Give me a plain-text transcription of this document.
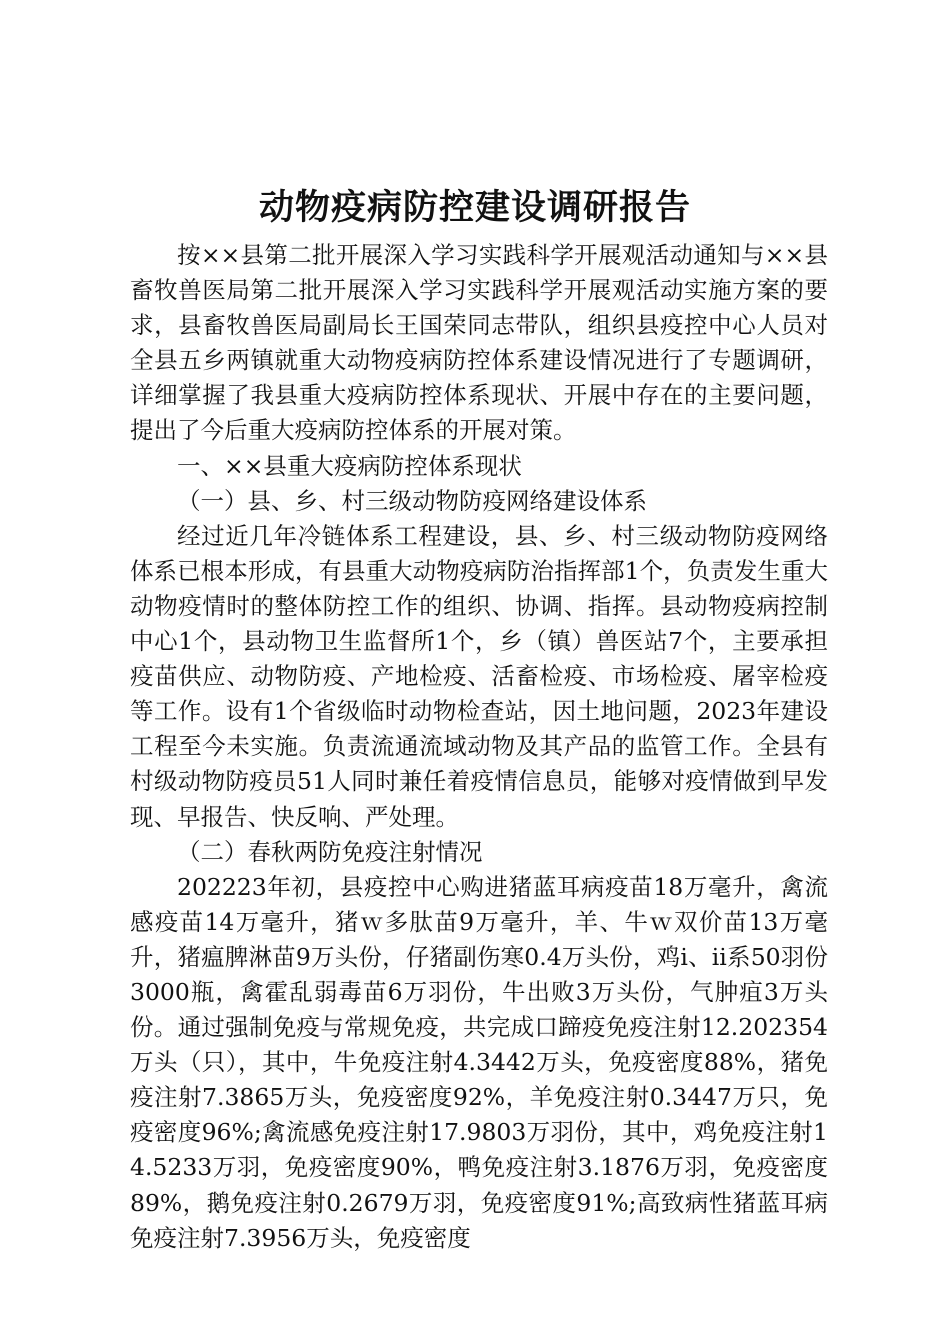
动物疫病防控建设调研报告

按××县第二批开展深入学习实践科学开展观活动通知与××县畜牧兽医局第二批开展深入学习实践科学开展观活动实施方案的要求，县畜牧兽医局副局长王国荣同志带队，组织县疫控中心人员对全县五乡两镇就重大动物疫病防控体系建设情况进行了专题调研，详细掌握了我县重大疫病防控体系现状、开展中存在的主要问题，提出了今后重大疫病防控体系的开展对策。

一、××县重大疫病防控体系现状

（一）县、乡、村三级动物防疫网络建设体系

经过近几年冷链体系工程建设，县、乡、村三级动物防疫网络体系已根本形成，有县重大动物疫病防治指挥部1个，负责发生重大动物疫情时的整体防控工作的组织、协调、指挥。县动物疫病控制中心1个，县动物卫生监督所1个，乡（镇）兽医站7个，主要承担疫苗供应、动物防疫、产地检疫、活畜检疫、市场检疫、屠宰检疫等工作。设有1个省级临时动物检查站，因土地问题，2023年建设工程至今未实施。负责流通流域动物及其产品的监管工作。全县有村级动物防疫员51人同时兼任着疫情信息员，能够对疫情做到早发现、早报告、快反响、严处理。

（二）春秋两防免疫注射情况

202223年初，县疫控中心购进猪蓝耳病疫苗18万毫升，禽流感疫苗14万毫升，猪ｗ多肽苗9万毫升，羊、牛ｗ双价苗13万毫升，猪瘟脾淋苗9万头份，仔猪副伤寒0.4万头份，鸡ⅰ、ⅱ系50羽份3000瓶，禽霍乱弱毒苗6万羽份，牛出败3万头份，气肿疽3万头份。通过强制免疫与常规免疫，共完成口蹄疫免疫注射12.202354万头（只），其中，牛免疫注射4.3442万头，免疫密度88%，猪免疫注射7.3865万头，免疫密度92%，羊免疫注射0.3447万只，免疫密度96%;禽流感免疫注射17.9803万羽份，其中，鸡免疫注射14.5233万羽，免疫密度90%，鸭免疫注射3.1876万羽，免疫密度89%，鹅免疫注射0.2679万羽，免疫密度91%;高致病性猪蓝耳病免疫注射7.3956万头，免疫密度
